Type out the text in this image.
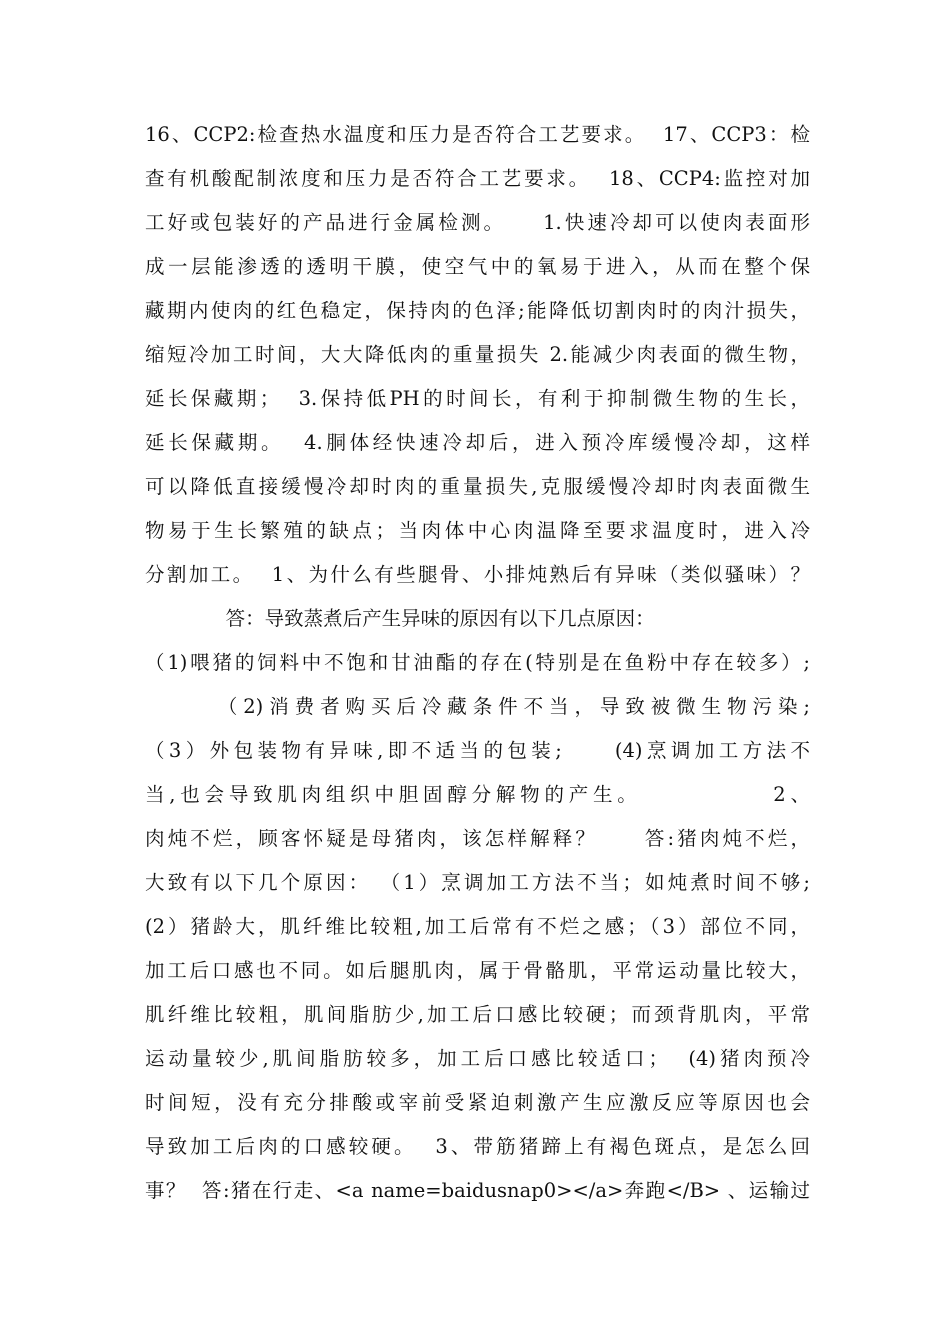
16、CCP2:检查热水温度和压力是否符合工艺要求。  17、CCP3：检
查有机酸配制浓度和压力是否符合工艺要求。  18、CCP4:监控对加
工好或包装好的产品进行金属检测。    1.快速冷却可以使肉表面形
成一层能渗透的透明干膜，使空气中的氧易于进入，从而在整个保
藏期内使肉的红色稳定，保持肉的色泽;能降低切割肉时的肉汁损失，
缩短冷加工时间，大大降低肉的重量损失 2.能减少肉表面的微生物，
延长保藏期；  3.保持低PH的时间长，有利于抑制微生物的生长，
延长保藏期。  4.胴体经快速冷却后，进入预冷库缓慢冷却，这样
可以降低直接缓慢冷却时肉的重量损失,克服缓慢冷却时肉表面微生
物易于生长繁殖的缺点；当肉体中心肉温降至要求温度时，进入冷
分割加工。  1、为什么有些腿骨、小排炖熟后有异味（类似骚味）？
答：导致蒸煮后产生异味的原因有以下几点原因：
（1)喂猪的饲料中不饱和甘油酯的存在(特别是在鱼粉中存在较多）;
（2)消费者购买后冷藏条件不当，导致被微生物污染;
（3）外包装物有异味,即不适当的包装;     (4)烹调加工方法不
当,也会导致肌肉组织中胆固醇分解物的产生。            2、
肉炖不烂，顾客怀疑是母猪肉，该怎样解释？     答:猪肉炖不烂，
大致有以下几个原因： （1）烹调加工方法不当；如炖煮时间不够;
(2）猪龄大，肌纤维比较粗,加工后常有不烂之感；（3）部位不同，
加工后口感也不同。如后腿肌肉，属于骨骼肌，平常运动量比较大，
肌纤维比较粗，肌间脂肪少,加工后口感比较硬；而颈背肌肉，平常
运动量较少,肌间脂肪较多，加工后口感比较适口；  (4)猪肉预冷
时间短，没有充分排酸或宰前受紧迫刺激产生应激反应等原因也会
导致加工后肉的口感较硬。  3、带筋猪蹄上有褐色斑点，是怎么回
事？  答:猪在行走、<a name=baidusnap0></a>奔跑</B> 、运输过
